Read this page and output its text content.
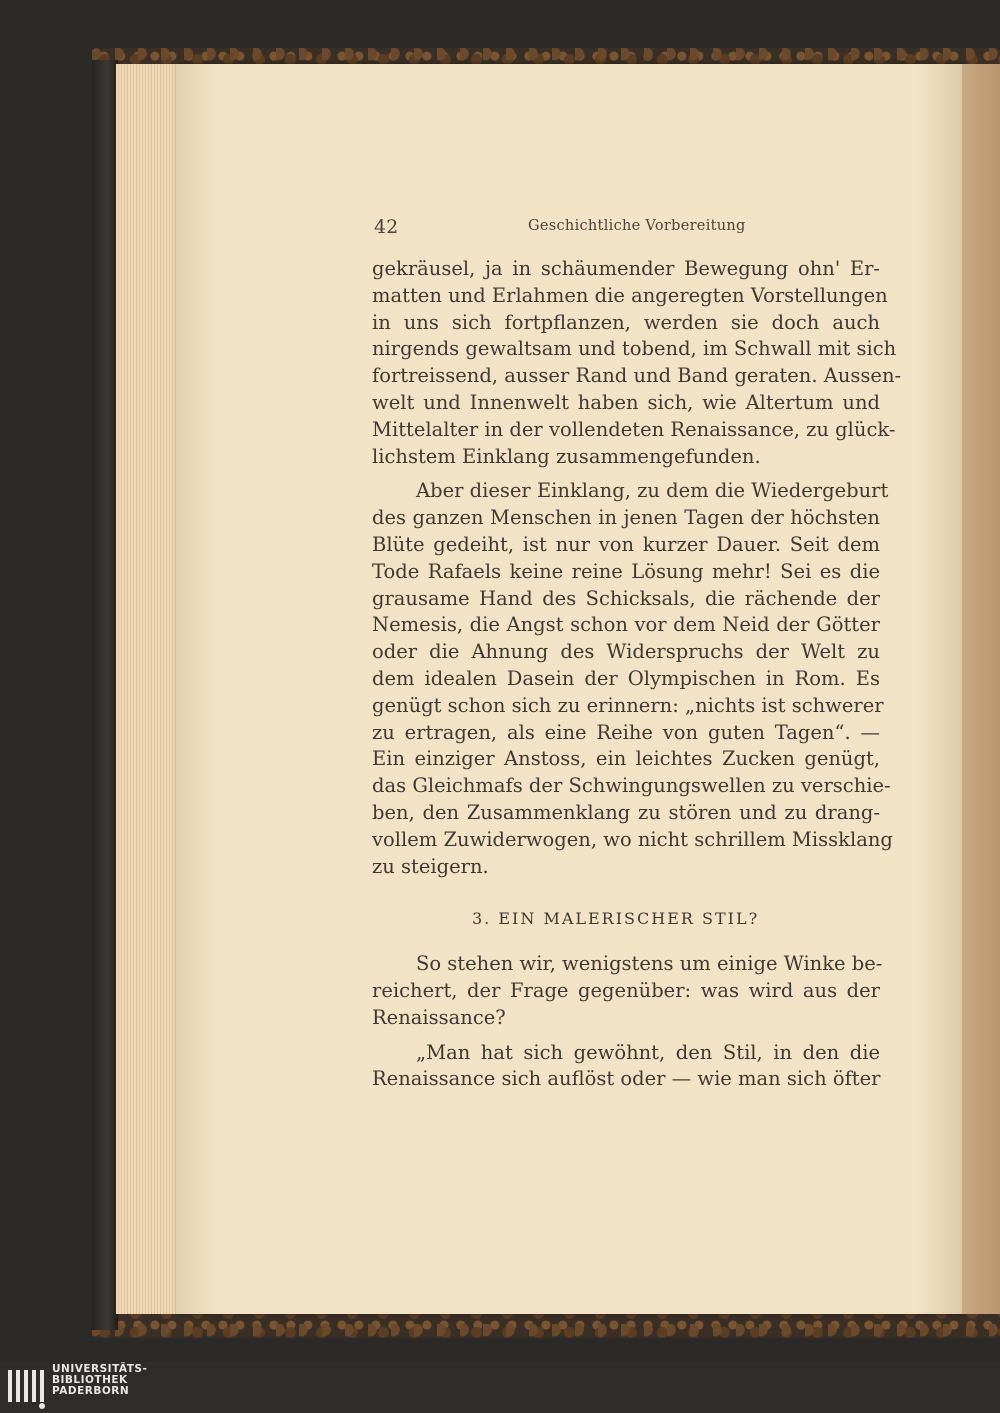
42	Geschichtliche Vorbereitung

gekräusel, ja in schäumender Bewegung ohn' Er-
matten und Erlahmen die angeregten Vorstellungen
in uns sich fortpflanzen, werden sie doch auch
nirgends gewaltsam und tobend, im Schwall mit sich
fortreissend, ausser Rand und Band geraten. Aussen-
welt und Innenwelt haben sich, wie Altertum und
Mittelalter in der vollendeten Renaissance, zu glück-
lichstem Einklang zusammengefunden.

Aber dieser Einklang, zu dem die Wiedergeburt
des ganzen Menschen in jenen Tagen der höchsten
Blüte gedeiht, ist nur von kurzer Dauer. Seit dem
Tode Rafaels keine reine Lösung mehr! Sei es die
grausame Hand des Schicksals, die rächende der
Nemesis, die Angst schon vor dem Neid der Götter
oder die Ahnung des Widerspruchs der Welt zu
dem idealen Dasein der Olympischen in Rom. Es
genügt schon sich zu erinnern: „nichts ist schwerer
zu ertragen, als eine Reihe von guten Tagen“. —
Ein einziger Anstoss, ein leichtes Zucken genügt,
das Gleichmafs der Schwingungswellen zu verschie-
ben, den Zusammenklang zu stören und zu drang-
vollem Zuwiderwogen, wo nicht schrillem Missklang
zu steigern.

3. EIN MALERISCHER STIL?

So stehen wir, wenigstens um einige Winke be-
reichert, der Frage gegenüber: was wird aus der
Renaissance?

„Man hat sich gewöhnt, den Stil, in den die
Renaissance sich auflöst oder — wie man sich öfter

UNIVERSITÄTS-
BIBLIOTHEK
PADERBORN
